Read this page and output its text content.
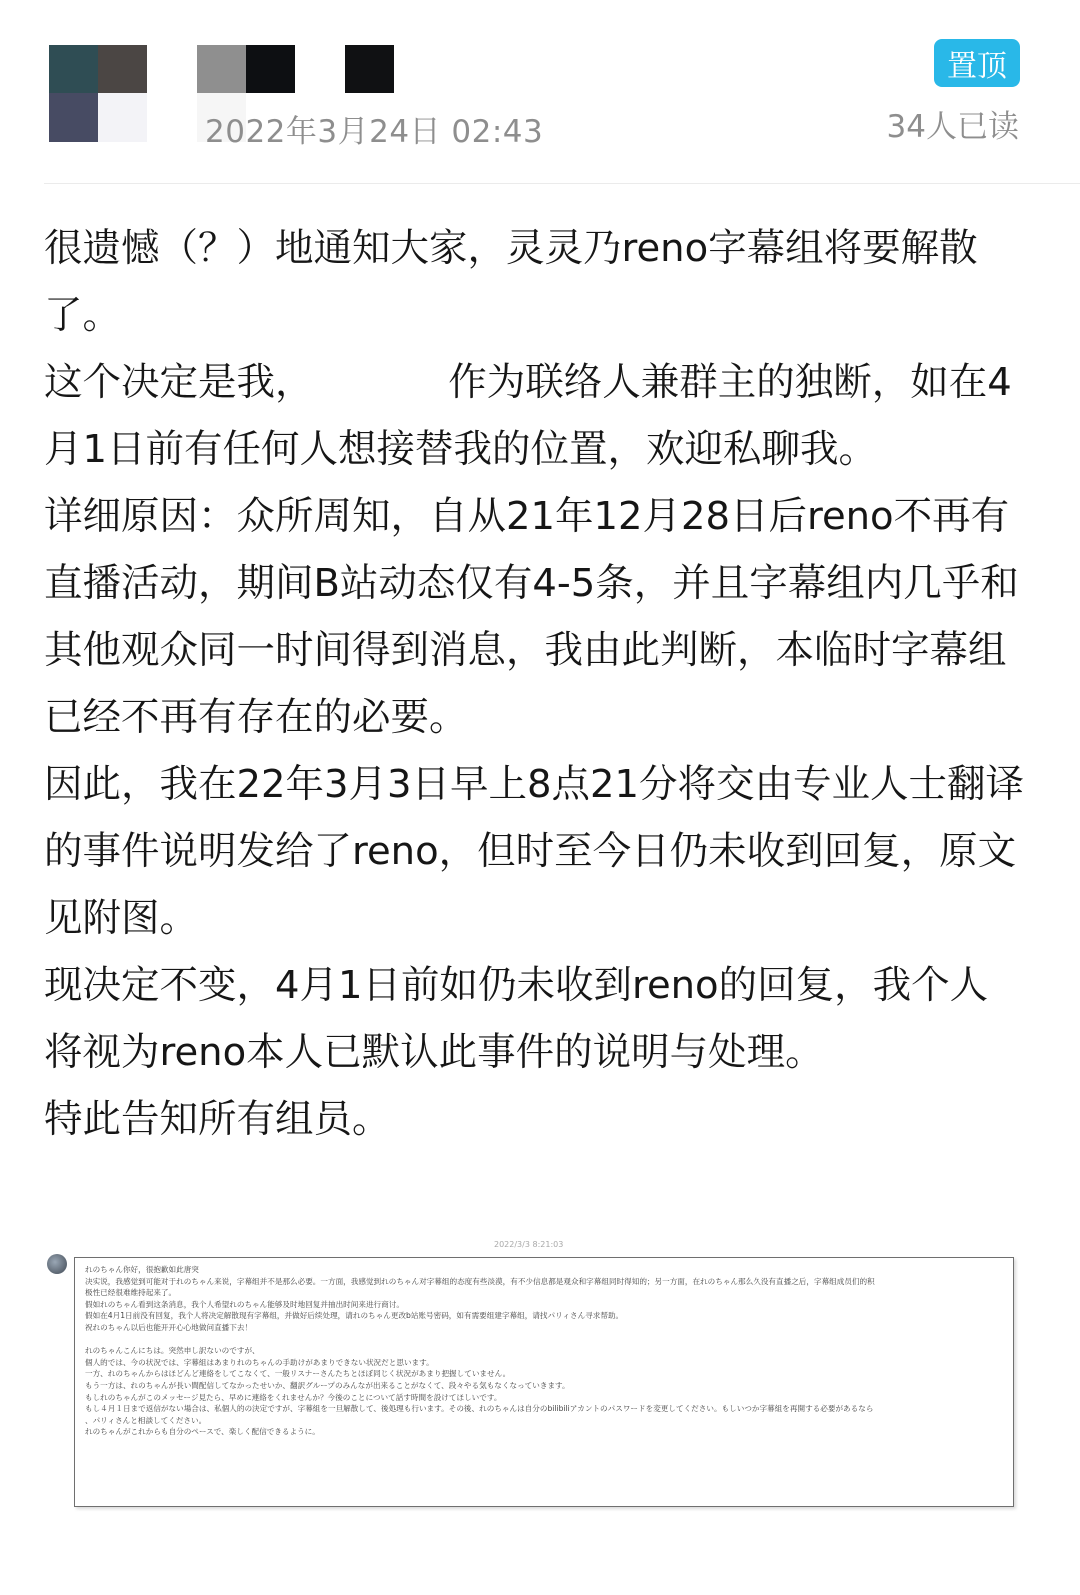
2022年3月24日 02:43
置顶
34人已读

很遗憾（？）地通知大家，灵灵乃reno字幕组将要解散了。

这个决定是我，　　　　作为联络人兼群主的独断，如在4月1日前有任何人想接替我的位置，欢迎私聊我。

详细原因：众所周知，自从21年12月28日后reno不再有直播活动，期间B站动态仅有4-5条，并且字幕组内几乎和其他观众同一时间得到消息，我由此判断，本临时字幕组已经不再有存在的必要。

因此，我在22年3月3日早上8点21分将交由专业人士翻译的事件说明发给了reno，但时至今日仍未收到回复，原文见附图。

现决定不变，4月1日前如仍未收到reno的回复，我个人将视为reno本人已默认此事件的说明与处理。

特此告知所有组员。

2022/3/3 8:21:03
れのちゃん你好，很抱歉如此唐突
决实说，我感觉到可能对于れのちゃん来说，字幕组并不是那么必要。一方面，我感觉到れのちゃん对字幕组的态度有些淡漠，有不少信息都是观众和字幕组同时得知的；另一方面，在れのちゃん那么久没有直播之后，字幕组成员们的积
极性已经很难维持起来了。
假如れのちゃん看到这条消息，我个人希望れのちゃん能够及时地回复并抽出时间来进行商讨。
假如在4月1日前没有回复，我个人将决定解散现有字幕组，并做好后续处理，请れのちゃん更改b站账号密码，如有需要组建字幕组，请找パリィさん寻求帮助。
祝れのちゃん以后也能开开心心地做问直播下去！
れのちゃんこんにちは。突然申し訳ないのですが、
個人的では、今の状況では、字幕組はあまりれのちゃんの手助けがあまりできない状況だと思います。
一方、れのちゃんからはほどんど連絡をしてこなくて、一般リスナーさんたちとほぼ同じく状況があまり把握していません。
もう一方は、れのちゃんが長い間配信してなかったせいか、翻訳グループのみんなが出来ることがなくて、段々やる気もなくなっていきます。
もしれのちゃんがこのメッセージ見たら、早めに連絡をくれませんか？今後のことについて話す時間を設けてほしいです。
もし４月１日まで返信がない場合は、私個人的の決定ですが、字幕組を一旦解散して、後処理も行います。その後、れのちゃんは自分のbilibiliアカントのパスワードを変更してください。もしいつか字幕組を再開する必要があるなら
、パリィさんと相談してください。
れのちゃんがこれからも自分のペースで、楽しく配信できるように。
